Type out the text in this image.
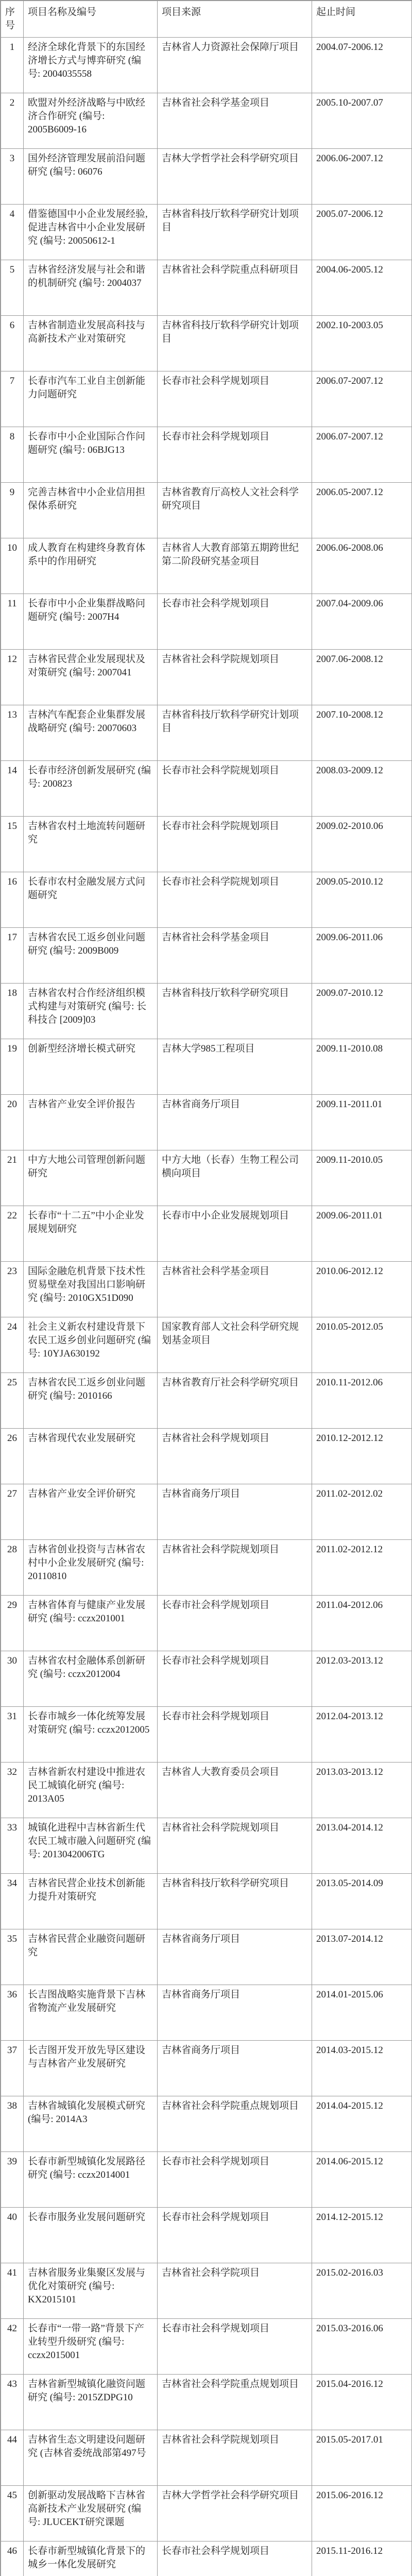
序号	项目名称及编号	项目来源	起止时间
1	经济全球化背景下的东国经济增长方式与博弈研究 (编号: 2004035558	吉林省人力资源社会保障厅项目	2004.07-2006.12
2	欧盟对外经济战略与中欧经济合作研究 (编号: 2005B6009-16	吉林省社会科学基金项目	2005.10-2007.07
3	国外经济管理发展前沿问题研究 (编号: 06076	吉林大学哲学社会科学研究项目	2006.06-2007.12
4	借鉴德国中小企业发展经验, 促进吉林省中小企业发展研究 (编号: 20050612-1	吉林省科技厅软科学研究计划项目	2005.07-2006.12
5	吉林省经济发展与社会和谐的机制研究 (编号: 2004037	吉林省社会科学院重点科研项目	2004.06-2005.12
6	吉林省制造业发展高科技与高新技术产业对策研究	吉林省科技厅软科学研究计划项目	2002.10-2003.05
7	长春市汽车工业自主创新能力问题研究	长春市社会科学规划项目	2006.07-2007.12
8	长春市中小企业国际合作问题研究 (编号: 06BJG13	长春市社会科学规划项目	2006.07-2007.12
9	完善吉林省中小企业信用担保体系研究	吉林省教育厅高校人文社会科学研究项目	2006.05-2007.12
10	成人教育在构建终身教育体系中的作用研究	吉林省人大教育部第五期跨世纪第二阶段研究基金项目	2006.06-2008.06
11	长春市中小企业集群战略问题研究 (编号: 2007H4	长春市社会科学规划项目	2007.04-2009.06
12	吉林省民营企业发展现状及对策研究 (编号: 2007041	吉林省社会科学院规划项目	2007.06-2008.12
13	吉林汽车配套企业集群发展战略研究 (编号: 20070603	吉林省科技厅软科学研究计划项目	2007.10-2008.12
14	长春市经济创新发展研究 (编号: 200823	长春市社会科学院规划项目	2008.03-2009.12
15	吉林省农村土地流转问题研究	长春市社会科学院规划项目	2009.02-2010.06
16	长春市农村金融发展方式问题研究	长春市社会科学院规划项目	2009.05-2010.12
17	吉林省农民工返乡创业问题研究 (编号: 2009B009	吉林省社会科学基金项目	2009.06-2011.06
18	吉林省农村合作经济组织模式构建与对策研究 (编号: 长科技合 [2009]03	吉林省科技厅软科学研究项目	2009.07-2010.12
19	创新型经济增长模式研究	吉林大学985工程项目	2009.11-2010.08
20	吉林省产业安全评价报告	吉林省商务厅项目	2009.11-2011.01
21	中方大地公司管理创新问题研究	中方大地（长春）生物工程公司横向项目	2009.11-2010.05
22	长春市“十二五”中小企业发展规划研究	长春市中小企业发展规划项目	2009.06-2011.01
23	国际金融危机背景下技术性贸易壁垒对我国出口影响研究 (编号: 2010GX51D090	吉林省社会科学基金项目	2010.06-2012.12
24	社会主义新农村建设背景下农民工返乡创业问题研究 (编号: 10YJA630192	国家教育部人文社会科学研究规划基金项目	2010.05-2012.05
25	吉林省农民工返乡创业问题研究 (编号: 2010166	吉林省教育厅社会科学研究项目	2010.11-2012.06
26	吉林省现代农业发展研究	吉林省社会科学规划项目	2010.12-2012.12
27	吉林省产业安全评价研究	吉林省商务厅项目	2011.02-2012.02
28	吉林省创业投资与吉林省农村中小企业发展研究 (编号: 20110810	吉林省社会科学院规划项目	2011.02-2012.12
29	吉林省体育与健康产业发展研究 (编号: cczx201001	长春市社会科学规划项目	2011.04-2012.06
30	吉林省农村金融体系创新研究 (编号: cczx2012004	长春市社会科学规划项目	2012.03-2013.12
31	长春市城乡一体化统筹发展对策研究 (编号: cczx2012005	长春市社会科学规划项目	2012.04-2013.12
32	吉林省新农村建设中推进农民工城镇化研究 (编号: 2013A05	吉林省人大教育委员会项目	2013.03-2013.12
33	城镇化进程中吉林省新生代农民工城市融入问题研究 (编号: 2013042006TG	吉林省社会科学院规划项目	2013.04-2014.12
34	吉林省民营企业技术创新能力提升对策研究	吉林省科技厅软科学研究项目	2013.05-2014.09
35	吉林省民营企业融资问题研究	吉林省商务厅项目	2013.07-2014.12
36	长吉图战略实施背景下吉林省物流产业发展研究	吉林省商务厅项目	2014.01-2015.06
37	长吉图开发开放先导区建设与吉林省产业发展研究	吉林省商务厅项目	2014.03-2015.12
38	吉林省城镇化发展模式研究 (编号: 2014A3	吉林省社会科学院重点规划项目	2014.04-2015.12
39	长春市新型城镇化发展路径研究 (编号: cczx2014001	长春市社会科学规划项目	2014.06-2015.12
40	长春市服务业发展问题研究	长春市社会科学规划项目	2014.12-2015.12
41	吉林省服务业集聚区发展与优化对策研究 (编号: KX2015101	吉林省社会科学院项目	2015.02-2016.03
42	长春市“一带一路”背景下产业转型升级研究 (编号: cczx2015001	长春市社会科学规划项目	2015.03-2016.06
43	吉林省新型城镇化融资问题研究 (编号: 2015ZDPG10	吉林省社会科学院重点规划项目	2015.04-2016.12
44	吉林省生态文明建设问题研究 (吉林省委统战部第497号	吉林省社会科学院规划项目	2015.05-2017.01
45	创新驱动发展战略下吉林省高新技术产业发展研究 (编号: JLUCEKT研究课题	吉林大学哲学社会科学研究项目	2015.06-2016.12
46	长春市新型城镇化背景下的城乡一体化发展研究	长春市社会科学规划项目	2015.11-2016.12
